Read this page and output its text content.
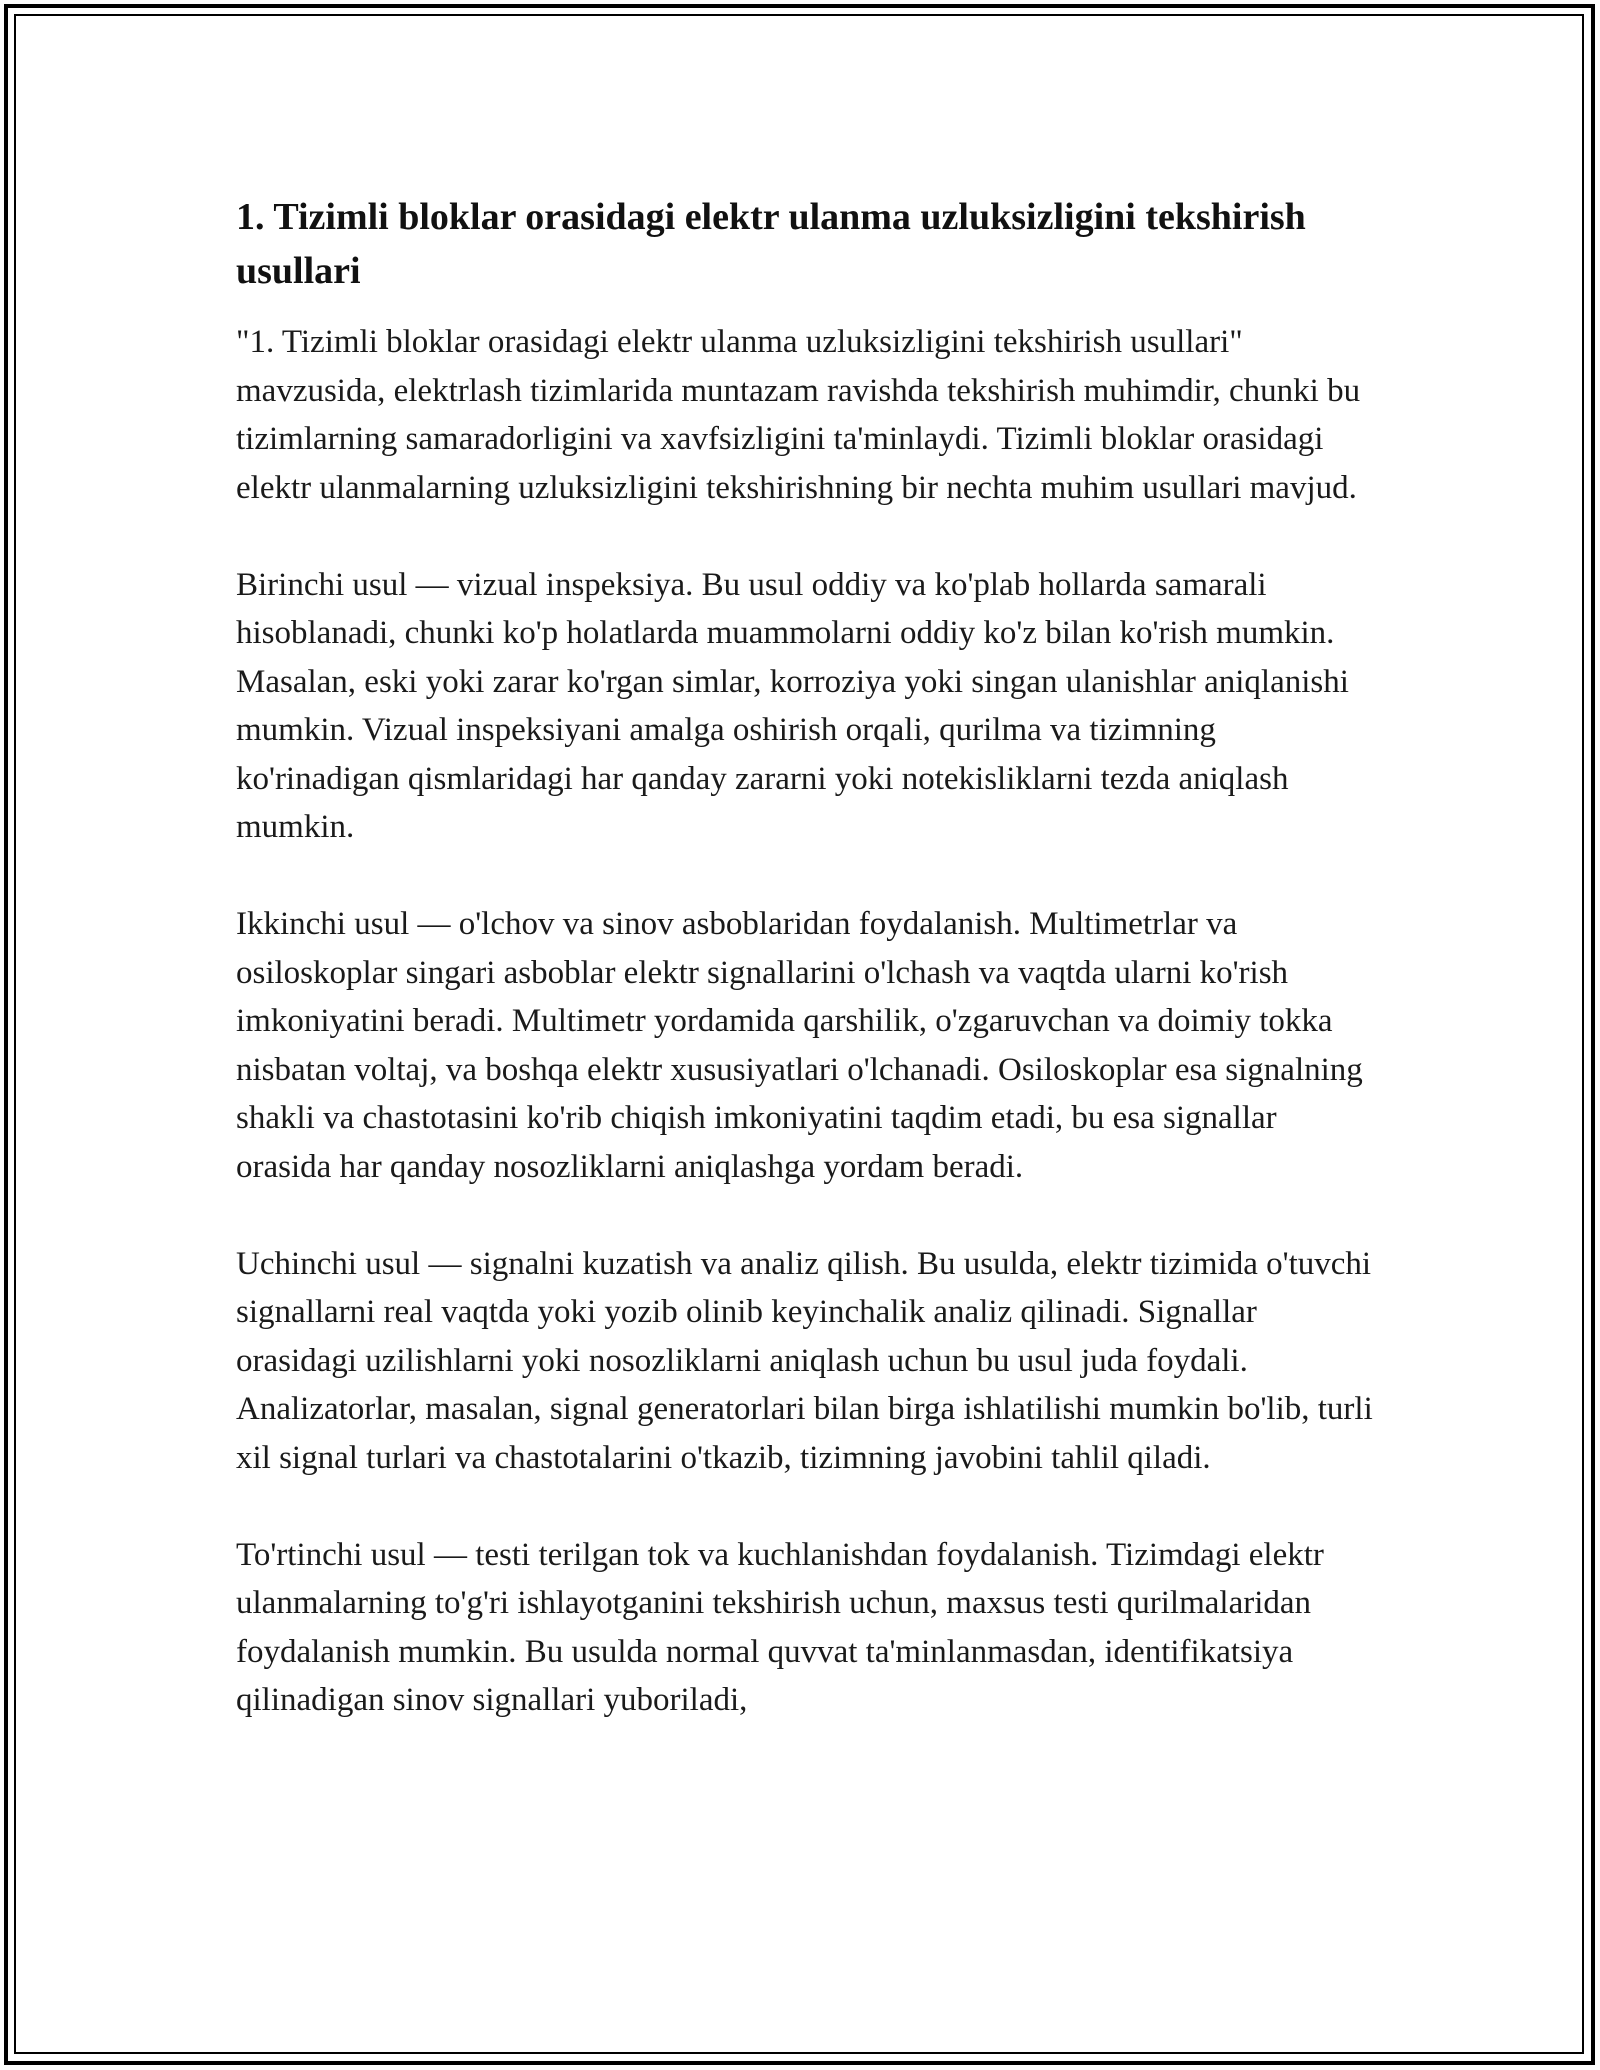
1. Tizimli bloklar orasidagi elektr ulanma uzluksizligini tekshirish usullari

"1. Tizimli bloklar orasidagi elektr ulanma uzluksizligini tekshirish usullari" mavzusida, elektrlash tizimlarida muntazam ravishda tekshirish muhimdir, chunki bu tizimlarning samaradorligini va xavfsizligini ta'minlaydi. Tizimli bloklar orasidagi elektr ulanmalarning uzluksizligini tekshirishning bir nechta muhim usullari mavjud.

Birinchi usul — vizual inspeksiya. Bu usul oddiy va ko'plab hollarda samarali hisoblanadi, chunki ko'p holatlarda muammolarni oddiy ko'z bilan ko'rish mumkin. Masalan, eski yoki zarar ko'rgan simlar, korroziya yoki singan ulanishlar aniqlanishi mumkin. Vizual inspeksiyani amalga oshirish orqali, qurilma va tizimning ko'rinadigan qismlaridagi har qanday zararni yoki notekisliklarni tezda aniqlash mumkin.

Ikkinchi usul — o'lchov va sinov asboblaridan foydalanish. Multimetrlar va osiloskoplar singari asboblar elektr signallarini o'lchash va vaqtda ularni ko'rish imkoniyatini beradi. Multimetr yordamida qarshilik, o'zgaruvchan va doimiy tokka nisbatan voltaj, va boshqa elektr xususiyatlari o'lchanadi. Osiloskoplar esa signalning shakli va chastotasini ko'rib chiqish imkoniyatini taqdim etadi, bu esa signallar orasida har qanday nosozliklarni aniqlashga yordam beradi.

Uchinchi usul — signalni kuzatish va analiz qilish. Bu usulda, elektr tizimida o'tuvchi signallarni real vaqtda yoki yozib olinib keyinchalik analiz qilinadi. Signallar orasidagi uzilishlarni yoki nosozliklarni aniqlash uchun bu usul juda foydali. Analizatorlar, masalan, signal generatorlari bilan birga ishlatilishi mumkin bo'lib, turli xil signal turlari va chastotalarini o'tkazib, tizimning javobini tahlil qiladi.

To'rtinchi usul — testi terilgan tok va kuchlanishdan foydalanish. Tizimdagi elektr ulanmalarning to'g'ri ishlayotganini tekshirish uchun, maxsus testi qurilmalaridan foydalanish mumkin. Bu usulda normal quvvat ta'minlanmasdan, identifikatsiya qilinadigan sinov signallari yuboriladi,
